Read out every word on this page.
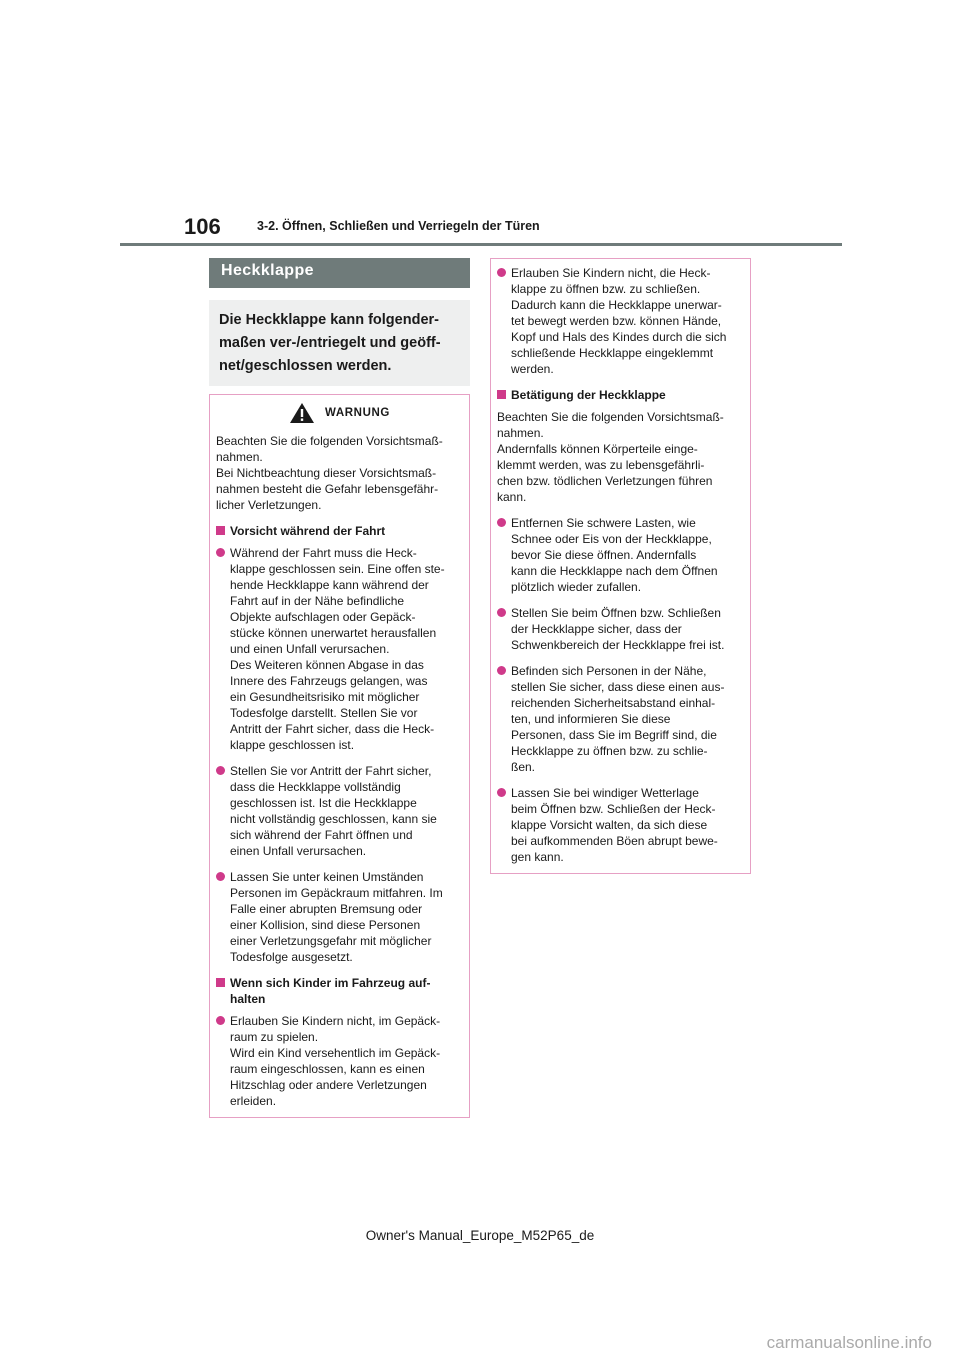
106	3-2. Öffnen, Schließen und Verriegeln der Türen
Heckklappe
Die Heckklappe kann folgender-
maßen ver-/entriegelt und geöff-
net/geschlossen werden.
WARNUNG
Beachten Sie die folgenden Vorsichtsmaß-
nahmen.
Bei Nichtbeachtung dieser Vorsichtsmaß-
nahmen besteht die Gefahr lebensgefähr-
licher Verletzungen.
Vorsicht während der Fahrt
Während der Fahrt muss die Heck-
klappe geschlossen sein. Eine offen ste-
hende Heckklappe kann während der
Fahrt auf in der Nähe befindliche
Objekte aufschlagen oder Gepäck-
stücke können unerwartet herausfallen
und einen Unfall verursachen.
Des Weiteren können Abgase in das
Innere des Fahrzeugs gelangen, was
ein Gesundheitsrisiko mit möglicher
Todesfolge darstellt. Stellen Sie vor
Antritt der Fahrt sicher, dass die Heck-
klappe geschlossen ist.
Stellen Sie vor Antritt der Fahrt sicher,
dass die Heckklappe vollständig
geschlossen ist. Ist die Heckklappe
nicht vollständig geschlossen, kann sie
sich während der Fahrt öffnen und
einen Unfall verursachen.
Lassen Sie unter keinen Umständen
Personen im Gepäckraum mitfahren. Im
Falle einer abrupten Bremsung oder
einer Kollision, sind diese Personen
einer Verletzungsgefahr mit möglicher
Todesfolge ausgesetzt.
Wenn sich Kinder im Fahrzeug auf-
halten
Erlauben Sie Kindern nicht, im Gepäck-
raum zu spielen.
Wird ein Kind versehentlich im Gepäck-
raum eingeschlossen, kann es einen
Hitzschlag oder andere Verletzungen
erleiden.
Erlauben Sie Kindern nicht, die Heck-
klappe zu öffnen bzw. zu schließen.
Dadurch kann die Heckklappe unerwar-
tet bewegt werden bzw. können Hände,
Kopf und Hals des Kindes durch die sich
schließende Heckklappe eingeklemmt
werden.
Betätigung der Heckklappe
Beachten Sie die folgenden Vorsichtsmaß-
nahmen.
Andernfalls können Körperteile einge-
klemmt werden, was zu lebensgefährli-
chen bzw. tödlichen Verletzungen führen
kann.
Entfernen Sie schwere Lasten, wie
Schnee oder Eis von der Heckklappe,
bevor Sie diese öffnen. Andernfalls
kann die Heckklappe nach dem Öffnen
plötzlich wieder zufallen.
Stellen Sie beim Öffnen bzw. Schließen
der Heckklappe sicher, dass der
Schwenkbereich der Heckklappe frei ist.
Befinden sich Personen in der Nähe,
stellen Sie sicher, dass diese einen aus-
reichenden Sicherheitsabstand einhal-
ten, und informieren Sie diese
Personen, dass Sie im Begriff sind, die
Heckklappe zu öffnen bzw. zu schlie-
ßen.
Lassen Sie bei windiger Wetterlage
beim Öffnen bzw. Schließen der Heck-
klappe Vorsicht walten, da sich diese
bei aufkommenden Böen abrupt bewe-
gen kann.
Owner's Manual_Europe_M52P65_de
carmanualsonline.info
